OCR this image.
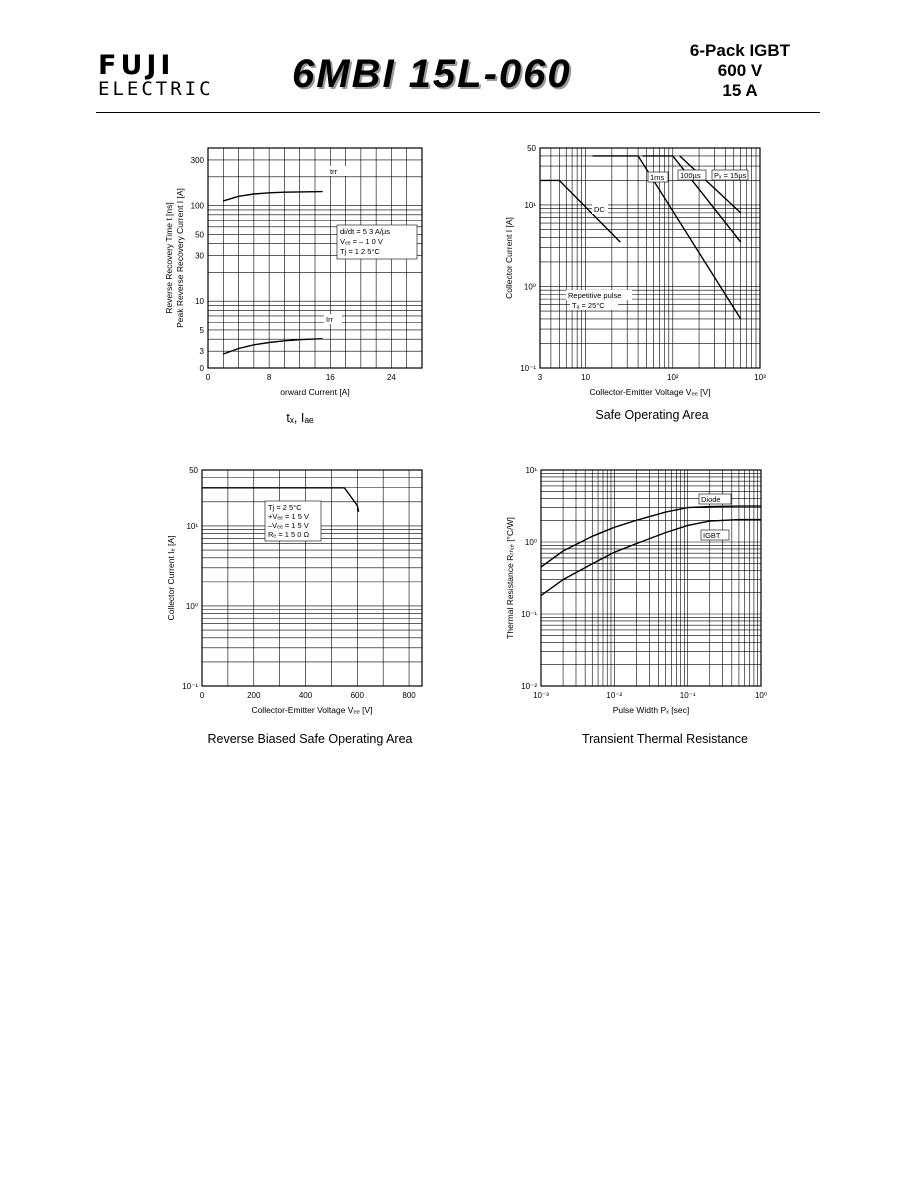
FUJI
ELECTRIC 6MBI 15L-060
6-Pack IGBT
600 V
15 A
0	8	16	24
300
100
50
30
10
5
3
0
orward Current [A]
Reverse Recovery Time t [ns] Peak Reverse Recovery Current I [A]
trr
Irr
di/dt = 5 3 A/µs
Vₑₑ = – 1 0 V
Tj = 1 2 5°C
tₓ, Iₐₑ
3	10	10²	10³
50
10¹
10⁰
10⁻¹
Collector-Emitter Voltage Vₑₑ [V]
Collector Current I [A]
DC
1ms 100µs Pₓ = 15µs
Repetitive pulse
Tₐ = 25°C
Safe Operating Area
0	200	400	600	800
50
10¹
10⁰
10⁻¹
Collector-Emitter Voltage Vₑₑ [V]
Collector Current Iₑ [A]
Tj = 2 5°C
+Vₑₑ = 1 5 V
–Vₑₑ = 1 5 V
Rₑ = 1 5 0 Ω
Reverse Biased Safe Operating Area
10⁻³	10⁻²	10⁻¹	10⁰
10¹
10⁰
10⁻¹
10⁻²
Pulse Width Pₓ [sec]
Thermal Resistance Rₜₕⱼₑ [°C/W]
Diode
IGBT
Transient Thermal Resistance
